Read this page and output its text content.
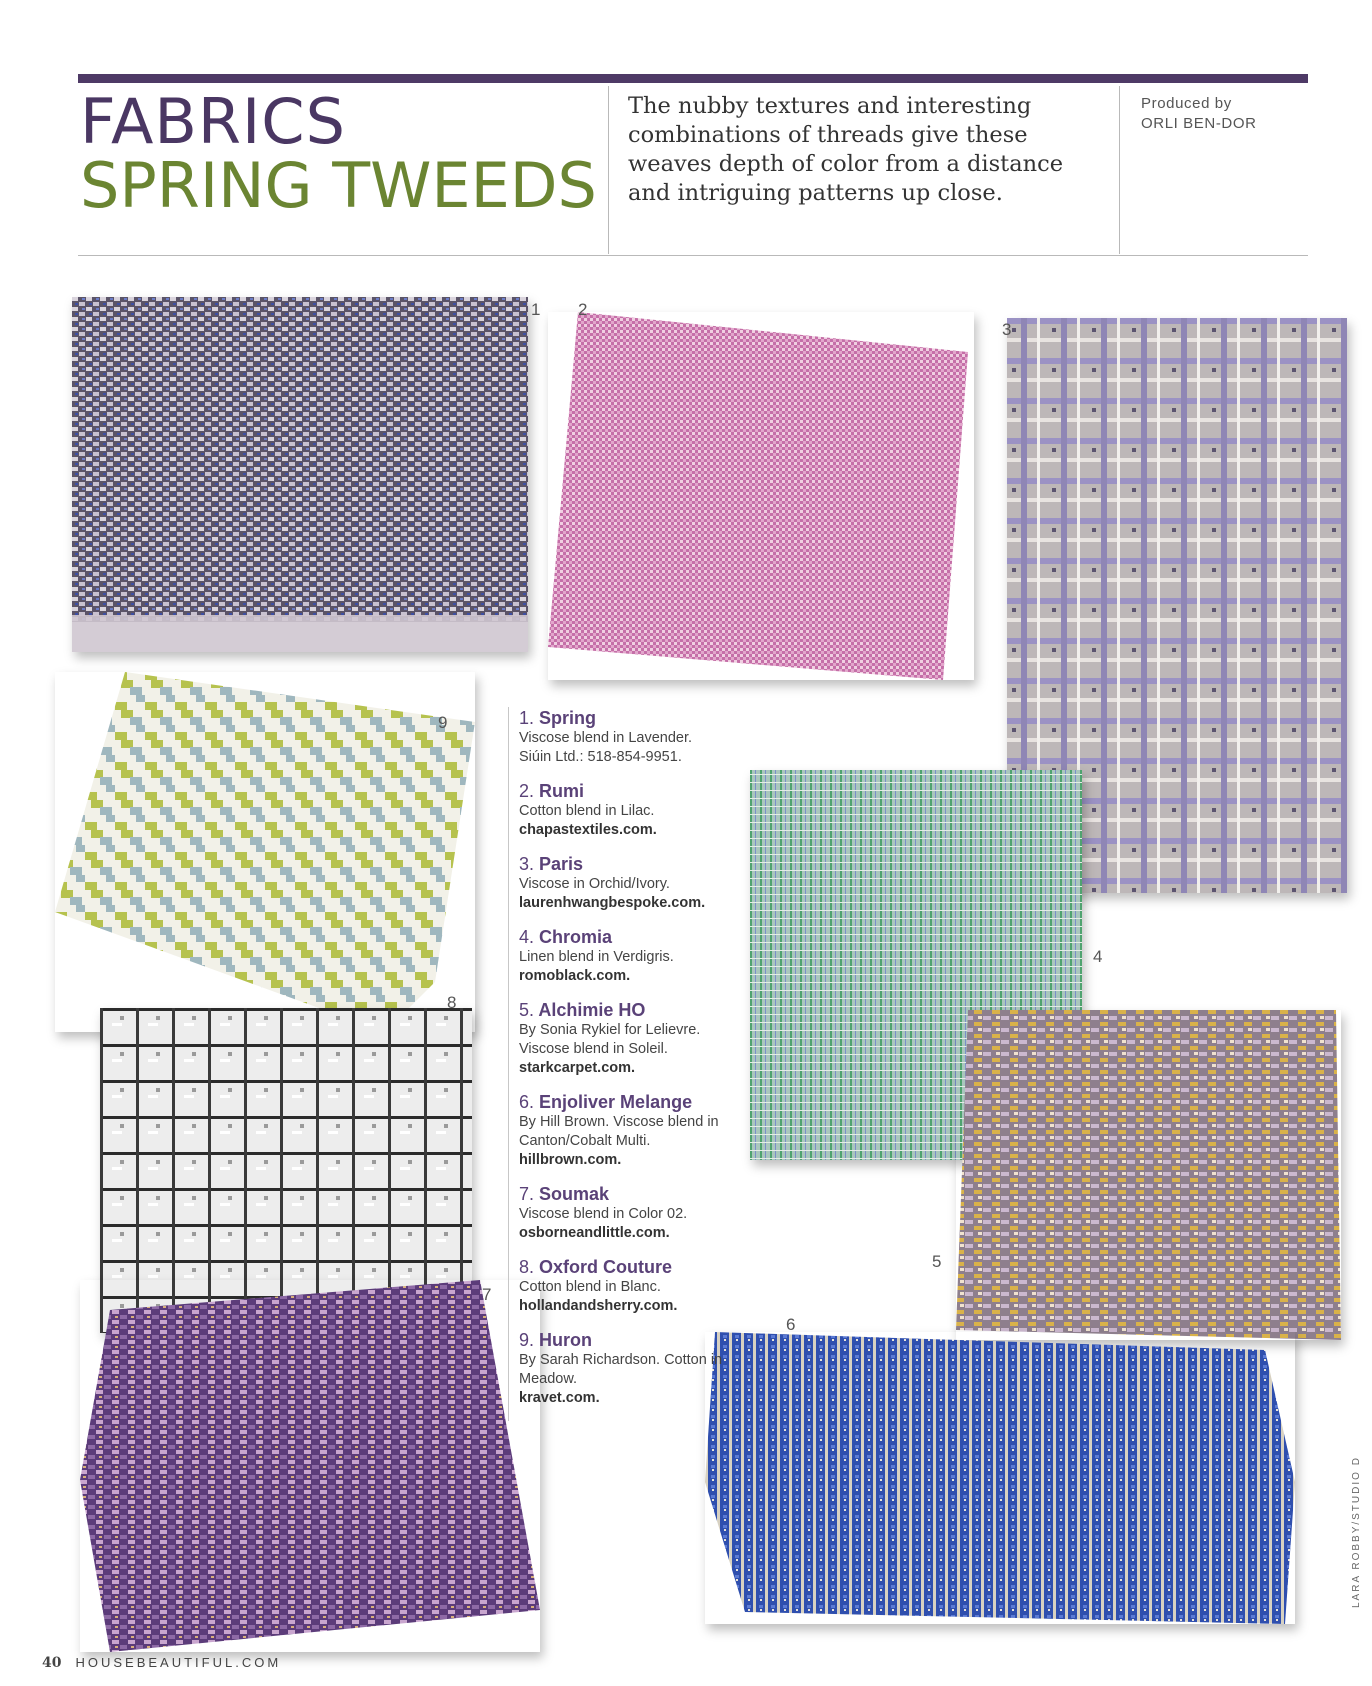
FABRICS
SPRING TWEEDS
The nubby textures and interesting combinations of threads give these weaves depth of color from a distance and intriguing patterns up close.
Produced by
ORLI BEN-DOR
1 2
3
4
5
6
7
8
9	1. Spring
Viscose blend in Lavender.
Siúin Ltd.: 518-854-9951.
2. Rumi
Cotton blend in Lilac.
chapastextiles.com.
3. Paris
Viscose in Orchid/Ivory.
laurenhwangbespoke.com.
4. Chromia
Linen blend in Verdigris.
romoblack.com.
5. Alchimie HO
By Sonia Rykiel for Lelievre. Viscose blend in Soleil.
starkcarpet.com.
6. Enjoliver Melange
By Hill Brown. Viscose blend in Canton/Cobalt Multi.
hillbrown.com.
7. Soumak
Viscose blend in Color 02.
osborneandlittle.com.
8. Oxford Couture
Cotton blend in Blanc.
hollandandsherry.com.
9. Huron
By Sarah Richardson. Cotton in Meadow.
kravet.com.
40 HOUSEBEAUTIFUL.COM
LARA ROBBY/STUDIO D
